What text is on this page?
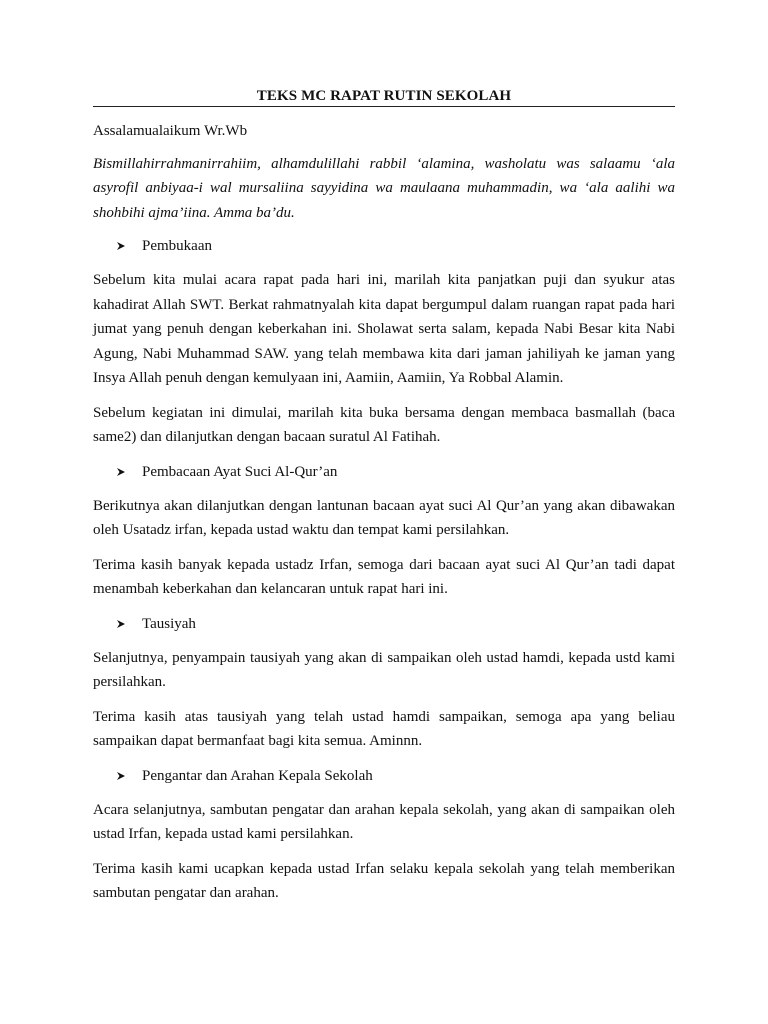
TEKS MC RAPAT RUTIN SEKOLAH

Assalamualaikum Wr.Wb

Bismillahirrahmanirrahiim, alhamdulillahi rabbil ‘alamina, washolatu was salaamu ‘ala asyrofil anbiyaa-i wal mursaliina sayyidina wa maulaana muhammadin, wa ‘ala aalihi wa shohbihi ajma’iina. Amma ba’du.

Pembukaan

Sebelum kita mulai acara rapat pada hari ini, marilah kita panjatkan puji dan syukur atas kahadirat Allah SWT. Berkat rahmatnyalah kita dapat bergumpul dalam ruangan rapat pada hari jumat yang penuh dengan keberkahan ini. Sholawat serta salam, kepada Nabi Besar kita Nabi Agung, Nabi Muhammad SAW. yang telah membawa kita dari jaman jahiliyah ke jaman yang Insya Allah penuh dengan kemulyaan ini, Aamiin, Aamiin, Ya Robbal Alamin.

Sebelum kegiatan ini dimulai, marilah kita buka bersama dengan membaca basmallah (baca same2) dan dilanjutkan dengan bacaan suratul Al Fatihah.

Pembacaan Ayat Suci Al-Qur’an

Berikutnya akan dilanjutkan dengan lantunan bacaan ayat suci Al Qur’an yang akan dibawakan oleh Usatadz irfan, kepada ustad waktu dan tempat kami persilahkan.

Terima kasih banyak kepada ustadz Irfan, semoga dari bacaan ayat suci Al Qur’an tadi dapat menambah keberkahan dan kelancaran untuk rapat hari ini.

Tausiyah

Selanjutnya, penyampain tausiyah yang akan di sampaikan oleh ustad hamdi, kepada ustd kami persilahkan.

Terima kasih atas tausiyah yang telah ustad hamdi sampaikan, semoga apa yang beliau sampaikan dapat bermanfaat bagi kita semua. Aminnn.

Pengantar dan Arahan Kepala Sekolah

Acara selanjutnya, sambutan pengatar dan arahan kepala sekolah, yang akan di sampaikan oleh ustad Irfan, kepada ustad kami persilahkan.

Terima kasih kami ucapkan kepada ustad Irfan selaku kepala sekolah yang telah memberikan sambutan pengatar dan arahan.
